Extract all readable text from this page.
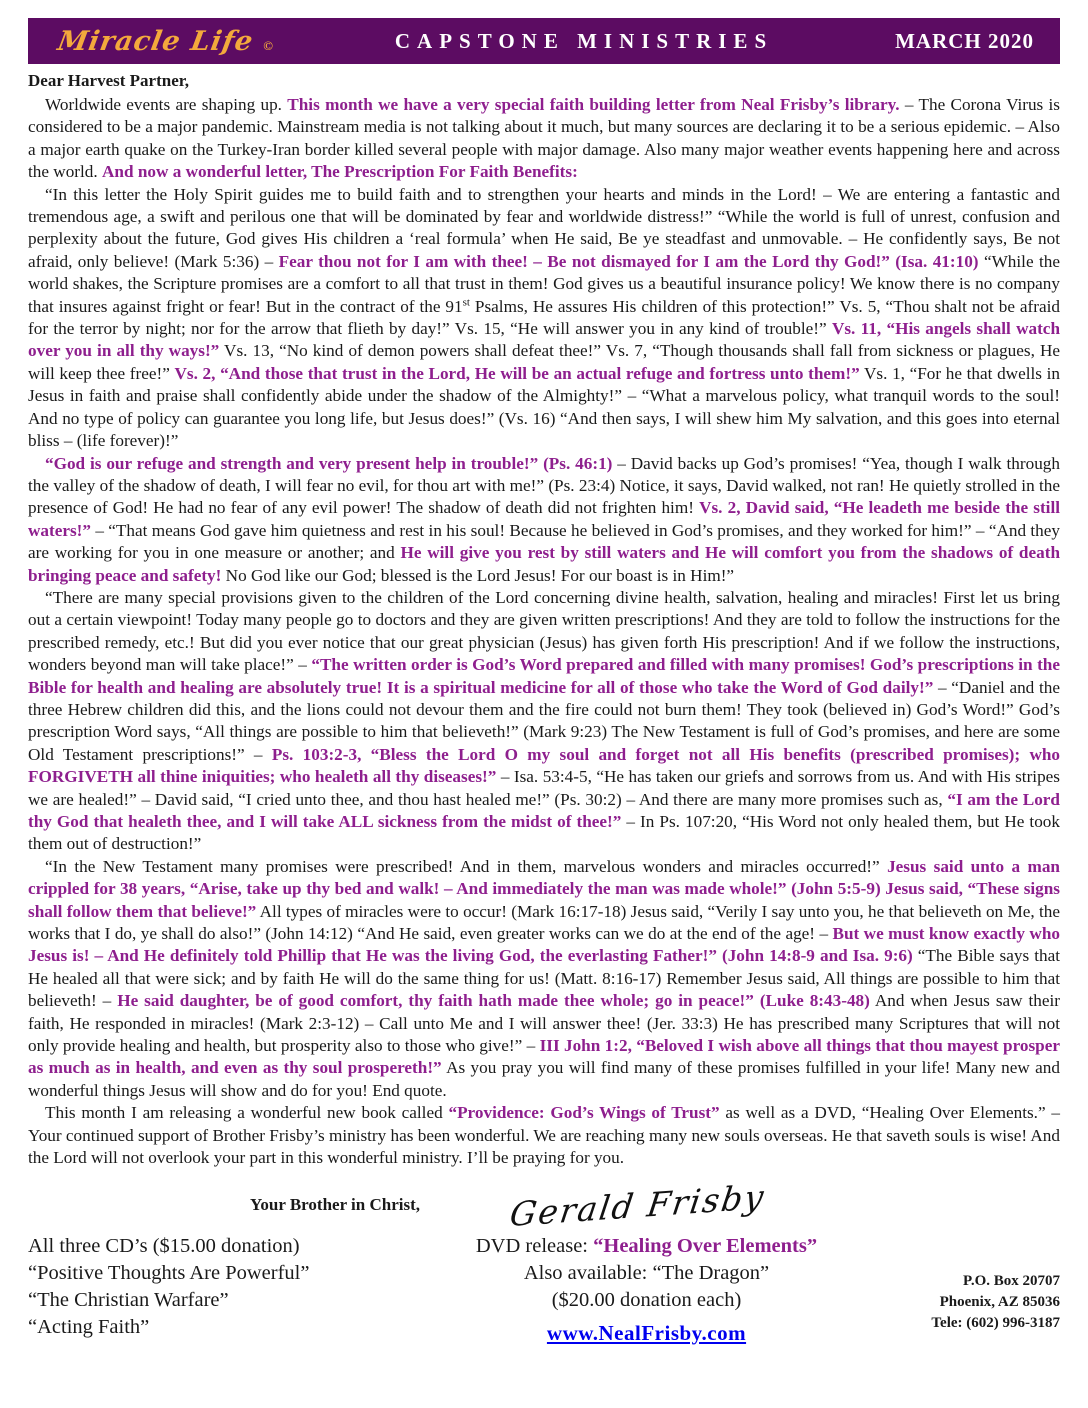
Miracle Life ©	CAPSTONE MINISTRIES	MARCH 2020
Dear Harvest Partner,

Worldwide events are shaping up. This month we have a very special faith building letter from Neal Frisby’s library. – The Corona Virus is considered to be a major pandemic. Mainstream media is not talking about it much, but many sources are declaring it to be a serious epidemic. – Also a major earth quake on the Turkey-Iran border killed several people with major damage. Also many major weather events happening here and across the world. And now a wonderful letter, The Prescription For Faith Benefits:

“In this letter the Holy Spirit guides me to build faith and to strengthen your hearts and minds in the Lord! – We are entering a fantastic and tremendous age, a swift and perilous one that will be dominated by fear and worldwide distress!” “While the world is full of unrest, confusion and perplexity about the future, God gives His children a ‘real formula’ when He said, Be ye steadfast and unmovable. – He confidently says, Be not afraid, only believe! (Mark 5:36) – Fear thou not for I am with thee! – Be not dismayed for I am the Lord thy God!” (Isa. 41:10) “While the world shakes, the Scripture promises are a comfort to all that trust in them! God gives us a beautiful insurance policy! We know there is no company that insures against fright or fear! But in the contract of the 91st Psalms, He assures His children of this protection!” Vs. 5, “Thou shalt not be afraid for the terror by night; nor for the arrow that flieth by day!” Vs. 15, “He will answer you in any kind of trouble!” Vs. 11, “His angels shall watch over you in all thy ways!” Vs. 13, “No kind of demon powers shall defeat thee!” Vs. 7, “Though thousands shall fall from sickness or plagues, He will keep thee free!” Vs. 2, “And those that trust in the Lord, He will be an actual refuge and fortress unto them!” Vs. 1, “For he that dwells in Jesus in faith and praise shall confidently abide under the shadow of the Almighty!” – “What a marvelous policy, what tranquil words to the soul! And no type of policy can guarantee you long life, but Jesus does!” (Vs. 16) “And then says, I will shew him My salvation, and this goes into eternal bliss – (life forever)!”

“God is our refuge and strength and very present help in trouble!” (Ps. 46:1) – David backs up God’s promises! “Yea, though I walk through the valley of the shadow of death, I will fear no evil, for thou art with me!” (Ps. 23:4) Notice, it says, David walked, not ran! He quietly strolled in the presence of God! He had no fear of any evil power! The shadow of death did not frighten him! Vs. 2, David said, “He leadeth me beside the still waters!” – “That means God gave him quietness and rest in his soul! Because he believed in God’s promises, and they worked for him!” – “And they are working for you in one measure or another; and He will give you rest by still waters and He will comfort you from the shadows of death bringing peace and safety! No God like our God; blessed is the Lord Jesus! For our boast is in Him!”

“There are many special provisions given to the children of the Lord concerning divine health, salvation, healing and miracles! First let us bring out a certain viewpoint! Today many people go to doctors and they are given written prescriptions! And they are told to follow the instructions for the prescribed remedy, etc.! But did you ever notice that our great physician (Jesus) has given forth His prescription! And if we follow the instructions, wonders beyond man will take place!” – “The written order is God’s Word prepared and filled with many promises! God’s prescriptions in the Bible for health and healing are absolutely true! It is a spiritual medicine for all of those who take the Word of God daily!” – “Daniel and the three Hebrew children did this, and the lions could not devour them and the fire could not burn them! They took (believed in) God’s Word!” God’s prescription Word says, “All things are possible to him that believeth!” (Mark 9:23) The New Testament is full of God’s promises, and here are some Old Testament prescriptions!” – Ps. 103:2-3, “Bless the Lord O my soul and forget not all His benefits (prescribed promises); who FORGIVETH all thine iniquities; who healeth all thy diseases!” – Isa. 53:4-5, “He has taken our griefs and sorrows from us. And with His stripes we are healed!” – David said, “I cried unto thee, and thou hast healed me!” (Ps. 30:2) – And there are many more promises such as, “I am the Lord thy God that healeth thee, and I will take ALL sickness from the midst of thee!” – In Ps. 107:20, “His Word not only healed them, but He took them out of destruction!”

“In the New Testament many promises were prescribed! And in them, marvelous wonders and miracles occurred!” Jesus said unto a man crippled for 38 years, “Arise, take up thy bed and walk! – And immediately the man was made whole!” (John 5:5-9) Jesus said, “These signs shall follow them that believe!” All types of miracles were to occur! (Mark 16:17-18) Jesus said, “Verily I say unto you, he that believeth on Me, the works that I do, ye shall do also!” (John 14:12) “And He said, even greater works can we do at the end of the age! – But we must know exactly who Jesus is! – And He definitely told Phillip that He was the living God, the everlasting Father!” (John 14:8-9 and Isa. 9:6) “The Bible says that He healed all that were sick; and by faith He will do the same thing for us! (Matt. 8:16-17) Remember Jesus said, All things are possible to him that believeth! – He said daughter, be of good comfort, thy faith hath made thee whole; go in peace!” (Luke 8:43-48) And when Jesus saw their faith, He responded in miracles! (Mark 2:3-12) – Call unto Me and I will answer thee! (Jer. 33:3) He has prescribed many Scriptures that will not only provide healing and health, but prosperity also to those who give!” – III John 1:2, “Beloved I wish above all things that thou mayest prosper as much as in health, and even as thy soul prospereth!” As you pray you will find many of these promises fulfilled in your life! Many new and wonderful things Jesus will show and do for you! End quote.

This month I am releasing a wonderful new book called “Providence: God’s Wings of Trust” as well as a DVD, “Healing Over Elements.” – Your continued support of Brother Frisby’s ministry has been wonderful. We are reaching many new souls overseas. He that saveth souls is wise! And the Lord will not overlook your part in this wonderful ministry. I’ll be praying for you.

Your Brother in Christ,	Gerald Frisby
All three CD’s ($15.00 donation)
“Positive Thoughts Are Powerful”
“The Christian Warfare”
“Acting Faith”
DVD release: “Healing Over Elements”
Also available: “The Dragon”
($20.00 donation each)
www.NealFrisby.com
P.O. Box 20707
Phoenix, AZ 85036
Tele: (602) 996-3187
